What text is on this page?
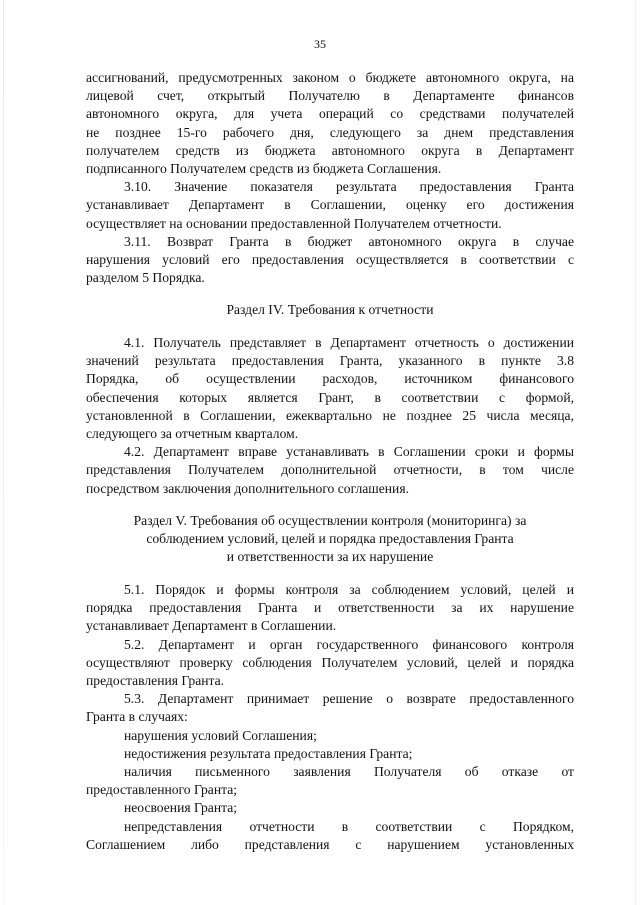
35
ассигнований, предусмотренных законом о бюджете автономного округа, на
лицевой счет, открытый Получателю в Департаменте финансов
автономного округа, для учета операций со средствами получателей
не позднее 15-го рабочего дня, следующего за днем представления
получателем средств из бюджета автономного округа в Департамент
подписанного Получателем средств из бюджета Соглашения.
3.10. Значение показателя результата предоставления Гранта
устанавливает Департамент в Соглашении, оценку его достижения
осуществляет на основании предоставленной Получателем отчетности.
3.11. Возврат Гранта в бюджет автономного округа в случае
нарушения условий его предоставления осуществляется в соответствии с
разделом 5 Порядка.
Раздел IV. Требования к отчетности
4.1. Получатель представляет в Департамент отчетность о достижении
значений результата предоставления Гранта, указанного в пункте 3.8
Порядка, об осуществлении расходов, источником финансового
обеспечения которых является Грант, в соответствии с формой,
установленной в Соглашении, ежеквартально не позднее 25 числа месяца,
следующего за отчетным кварталом.
4.2. Департамент вправе устанавливать в Соглашении сроки и формы
представления Получателем дополнительной отчетности, в том числе
посредством заключения дополнительного соглашения.
Раздел V. Требования об осуществлении контроля (мониторинга) за
соблюдением условий, целей и порядка предоставления Гранта
и ответственности за их нарушение
5.1. Порядок и формы контроля за соблюдением условий, целей и
порядка предоставления Гранта и ответственности за их нарушение
устанавливает Департамент в Соглашении.
5.2. Департамент и орган государственного финансового контроля
осуществляют проверку соблюдения Получателем условий, целей и порядка
предоставления Гранта.
5.3. Департамент принимает решение о возврате предоставленного
Гранта в случаях:
нарушения условий Соглашения;
недостижения результата предоставления Гранта;
наличия письменного заявления Получателя об отказе от
предоставленного Гранта;
неосвоения Гранта;
непредставления отчетности в соответствии с Порядком,
Соглашением либо представления с нарушением установленных
